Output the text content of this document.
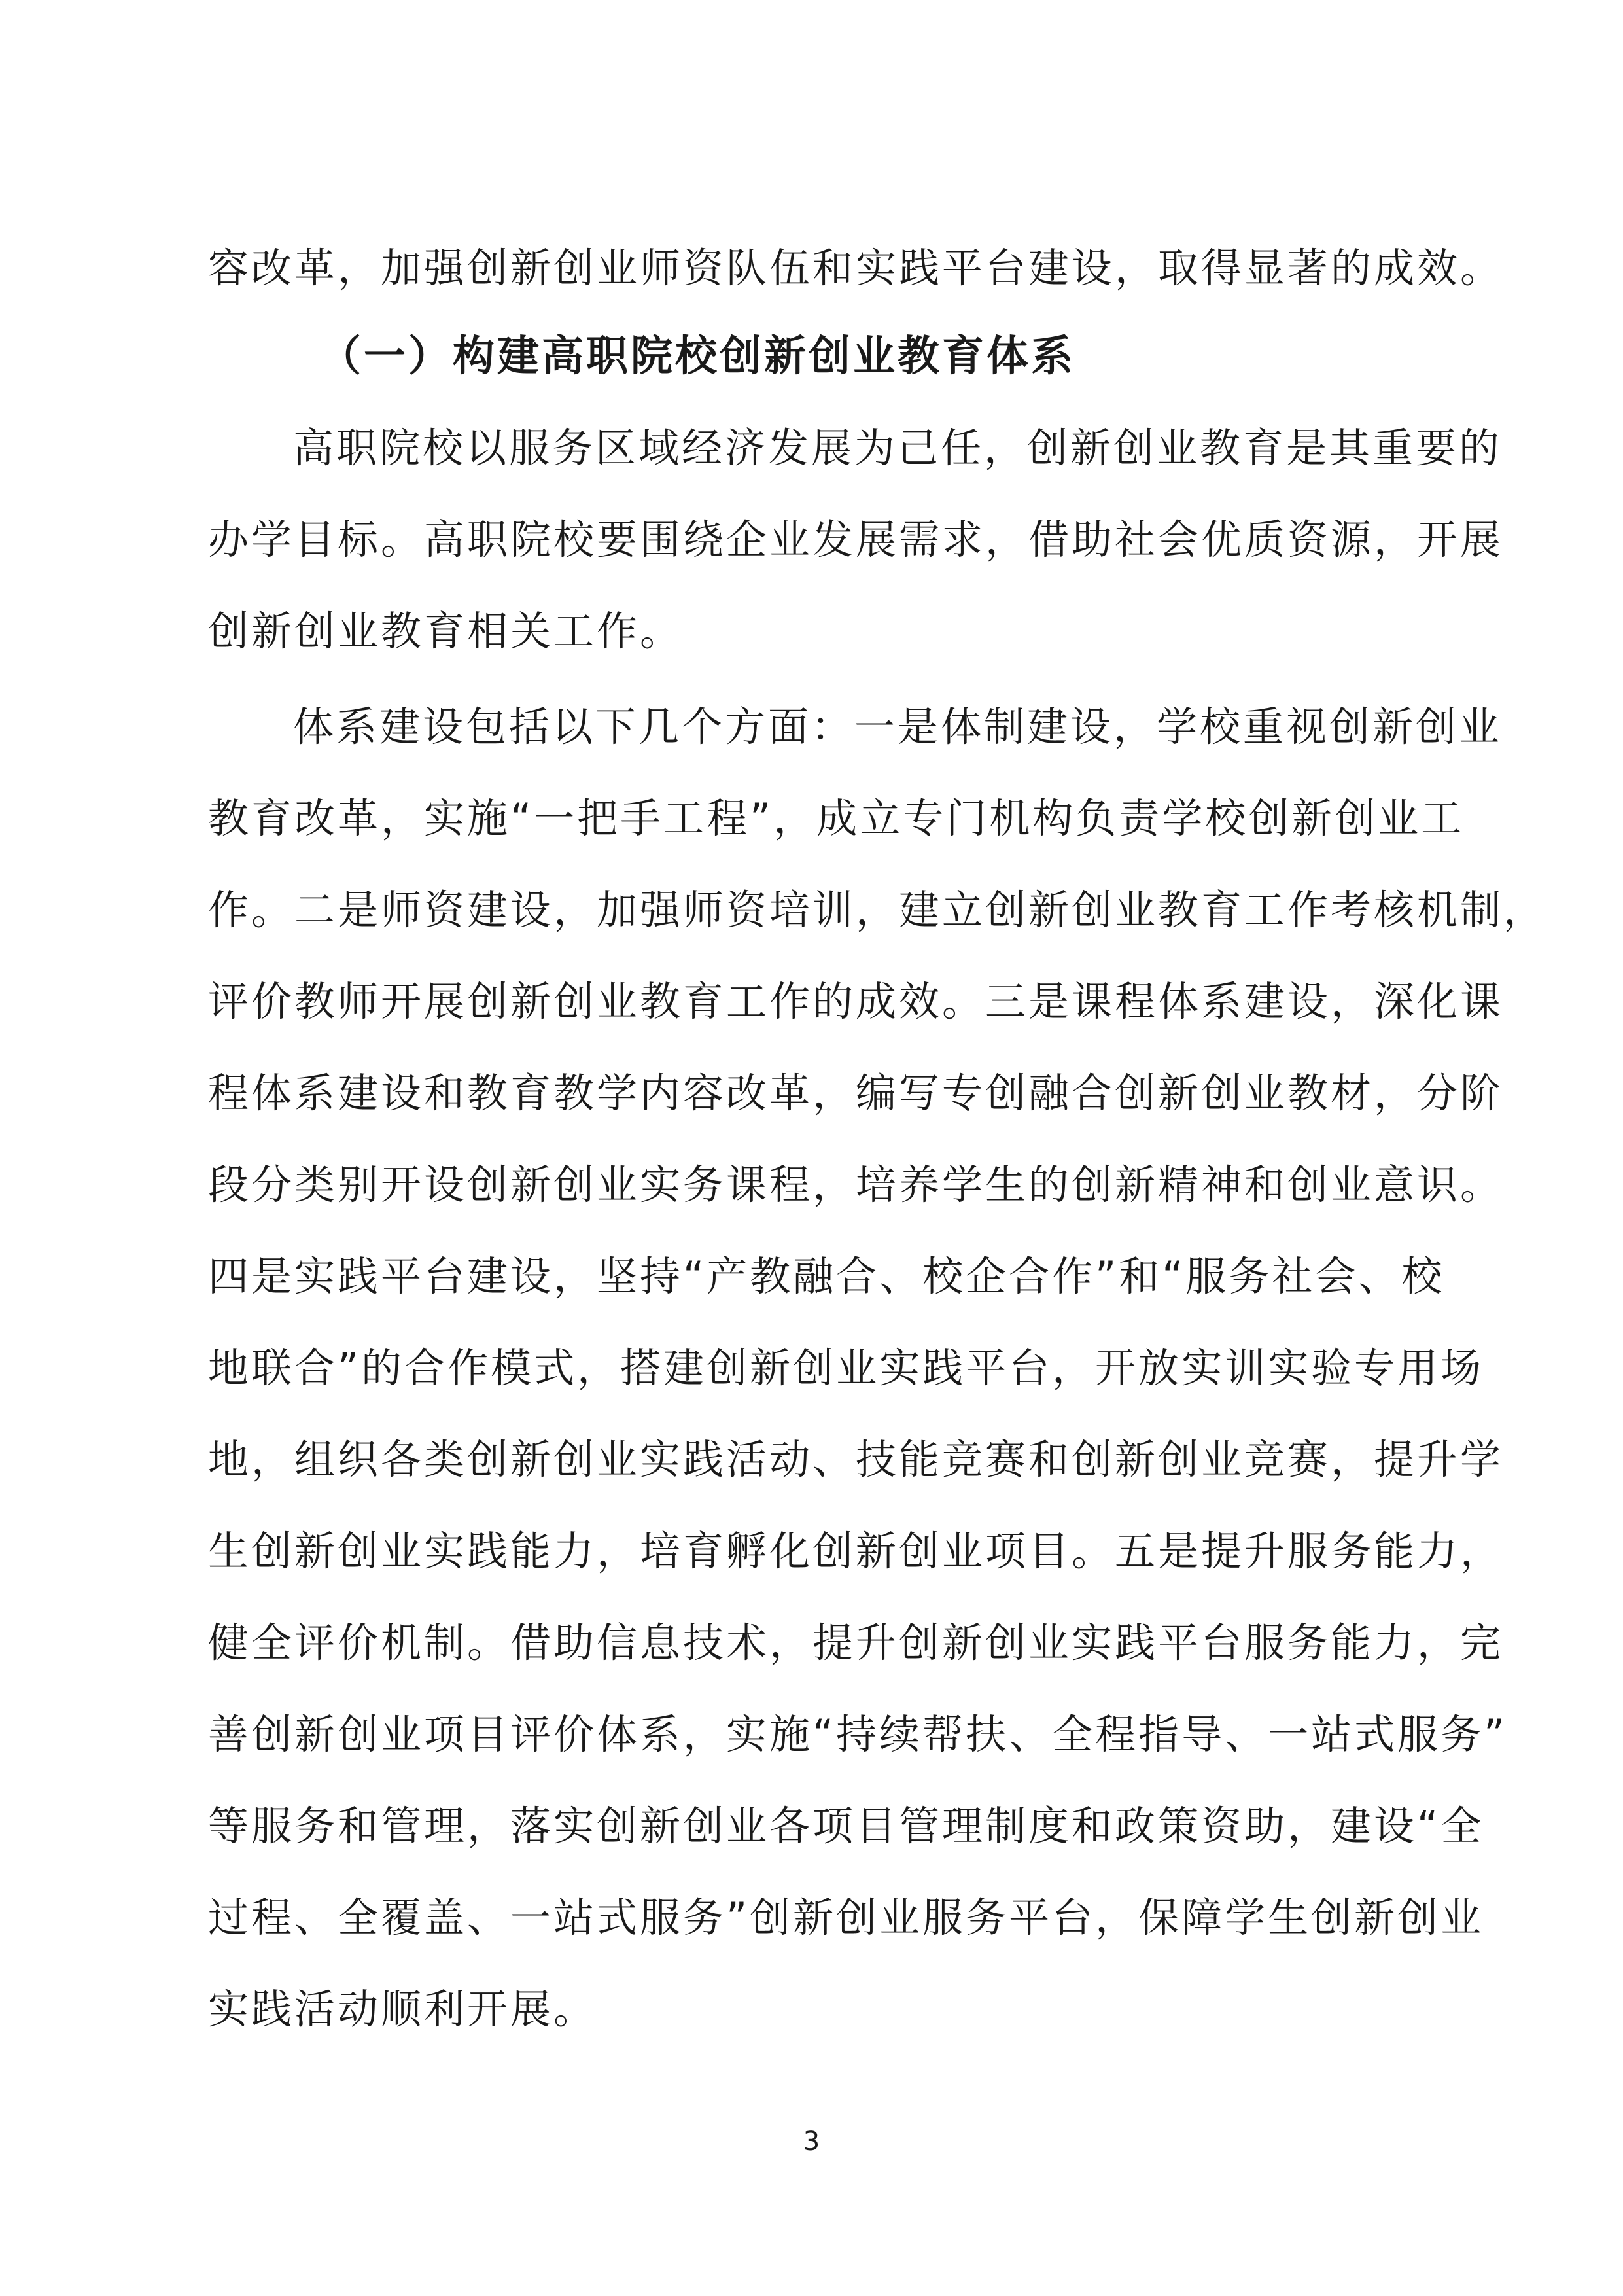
容改革，加强创新创业师资队伍和实践平台建设，取得显著的成效。
（一）构建高职院校创新创业教育体系
高职院校以服务区域经济发展为己任，创新创业教育是其重要的
办学目标。高职院校要围绕企业发展需求，借助社会优质资源，开展
创新创业教育相关工作。
体系建设包括以下几个方面：一是体制建设，学校重视创新创业
教育改革，实施“一把手工程”，成立专门机构负责学校创新创业工
作。二是师资建设，加强师资培训，建立创新创业教育工作考核机制，
评价教师开展创新创业教育工作的成效。三是课程体系建设，深化课
程体系建设和教育教学内容改革，编写专创融合创新创业教材，分阶
段分类别开设创新创业实务课程，培养学生的创新精神和创业意识。
四是实践平台建设，坚持“产教融合、校企合作”和“服务社会、校
地联合”的合作模式，搭建创新创业实践平台，开放实训实验专用场
地，组织各类创新创业实践活动、技能竞赛和创新创业竞赛，提升学
生创新创业实践能力，培育孵化创新创业项目。五是提升服务能力，
健全评价机制。借助信息技术，提升创新创业实践平台服务能力，完
善创新创业项目评价体系，实施“持续帮扶、全程指导、一站式服务”
等服务和管理，落实创新创业各项目管理制度和政策资助，建设“全
过程、全覆盖、一站式服务”创新创业服务平台，保障学生创新创业
实践活动顺利开展。
3
